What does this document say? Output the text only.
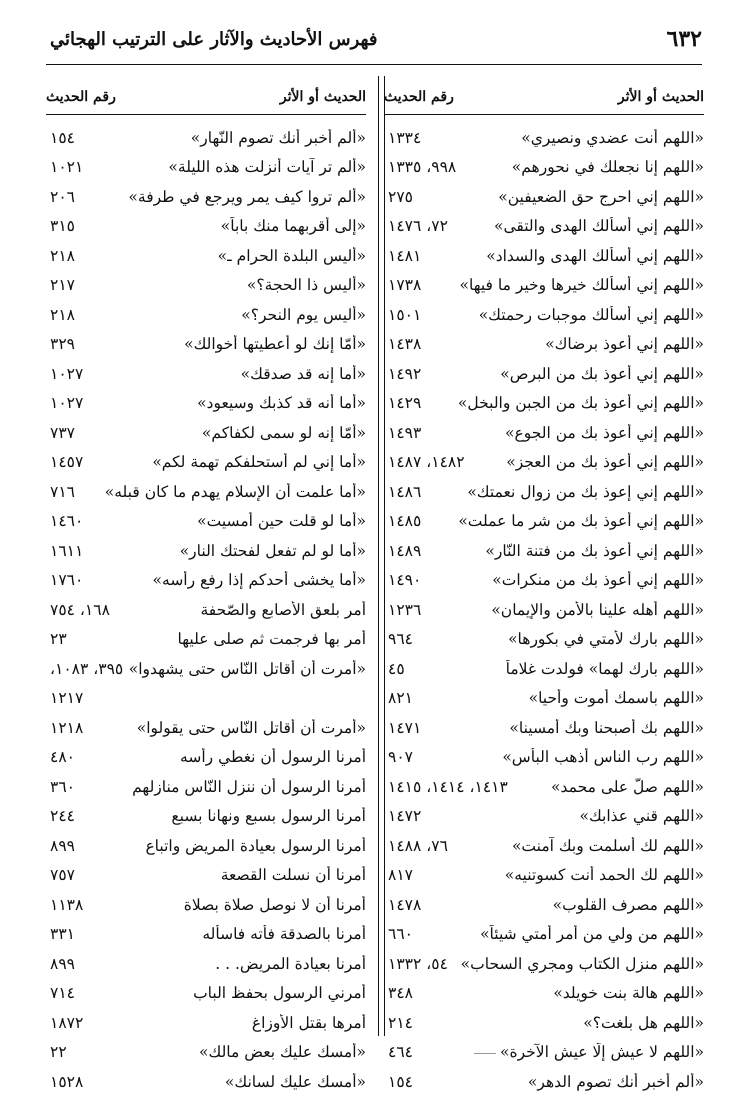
٦٣٢
فهرس الأحاديث والآثار على الترتيب الهجائي
الحديث أو الأثر
رقم الحديث
«اللهم أنت عضدي ونصيري»
١٣٣٤
«اللهم إنا نجعلك في نحورهم»
٩٩٨، ١٣٣٥
«اللهم إني احرج حق الضعيفين»
٢٧٥
«اللهم إني أسألك الهدى والتقى»
٧٢، ١٤٧٦
«اللهم إني أسألك الهدى والسداد»
١٤٨١
«اللهم إني أسألك خيرها وخير ما فيها»
١٧٣٨
«اللهم إني أسألك موجبات رحمتك»
١٥٠١
«اللهم إني أعوذ برضاك»
١٤٣٨
«اللهم إني أعوذ بك من البرص»
١٤٩٢
«اللهم إني أعوذ بك من الجبن والبخل»
١٤٢٩
«اللهم إني أعوذ بك من الجوع»
١٤٩٣
«اللهم إني أعوذ بك من العجز»
١٤٨٢، ١٤٨٧
«اللهم إني إعوذ بك من زوال نعمتك»
١٤٨٦
«اللهم إني أعوذ بك من شر ما عملت»
١٤٨٥
«اللهم إني أعوذ بك من فتنة النّار»
١٤٨٩
«اللهم إني أعوذ بك من منكرات»
١٤٩٠
«اللهم أهله علينا بالأمن والإيمان»
١٢٣٦
«اللهم بارك لأمتي في بكورها»
٩٦٤
«اللهم بارك لهما» فولدت غلاماً
٤٥
«اللهم باسمك أموت وأحيا»
٨٢١
«اللهم بك أصبحنا وبك أمسينا»
١٤٧١
«اللهم رب الناس أذهب البأس»
٩٠٧
«اللهم صلّ على محمد»
١٤١٣، ١٤١٤، ١٤١٥
«اللهم قني عذابك»
١٤٧٢
«اللهم لك أسلمت وبك آمنت»
٧٦، ١٤٨٨
«اللهم لك الحمد أنت كسوتنيه»
٨١٧
«اللهم مصرف القلوب»
١٤٧٨
«اللهم من ولي من أمر أمتي شيئاً»
٦٦٠
«اللهم منزل الكتاب ومجري السحاب»
٥٤، ١٣٣٢
«اللهم هالة بنت خويلد»
٣٤٨
«اللهم هل بلغت؟»
٢١٤
«اللهم لا عيش إلّا عيش الآخرة»
٤٦٤
«ألم أخبر أنك تصوم الدهر»
١٥٤
الحديث أو الأثر
رقم الحديث
«ألم أخبر أنك تصوم النّهار»
١٥٤
«ألم تر آيات أنزلت هذه الليلة»
١٠٢١
«ألم تروا كيف يمر ويرجع في طرفة»
٢٠٦
«إلى أقربهما منك باباً»
٣١٥
«أليس البلدة الحرام ـ»
٢١٨
«أليس ذا الحجة؟»
٢١٧
«أليس يوم النحر؟»
٢١٨
«أمّا إنك لو أعطيتها أخوالك»
٣٢٩
«أما إنه قد صدقك»
١٠٢٧
«أما أنه قد كذبك وسيعود»
١٠٢٧
«أمّا إنه لو سمى لكفاكم»
٧٣٧
«أما إني لم أستحلفكم تهمة لكم»
١٤٥٧
«أما علمت أن الإسلام يهدم ما كان قبله»
٧١٦
«أما لو قلت حين أمسيت»
١٤٦٠
«أما لو لم تفعل لفحتك النار»
١٦١١
«أما يخشى أحدكم إذا رفع رأسه»
١٧٦٠
أمر بلعق الأصابع والصّحفة
١٦٨، ٧٥٤
أمر بها فرجمت ثم صلى عليها
٢٣
«أمرت أن أقاتل النّاس حتى يشهدوا»
٣٩٥، ١٠٨٣،
١٢١٧
«أمرت أن أقاتل النّاس حتى يقولوا»
١٢١٨
أمرنا الرسول أن نغطي رأسه
٤٨٠
أمرنا الرسول أن ننزل النّاس منازلهم
٣٦٠
أمرنا الرسول بسبع ونهانا بسبع
٢٤٤
أمرنا الرسول بعيادة المريض واتباع
٨٩٩
أمرنا أن نسلت القصعة
٧٥٧
أمرنا أن لا نوصل صلاة بصلاة
١١٣٨
أمرنا بالصدقة فأته فاسأله
٣٣١
أمرنا بعيادة المريض. . .
٨٩٩
أمرني الرسول بحفظ الباب
٧١٤
أمرها بقتل الأوزاغ
١٨٧٢
«أمسك عليك بعض مالك»
٢٢
«أمسك عليك لسانك»
١٥٢٨
